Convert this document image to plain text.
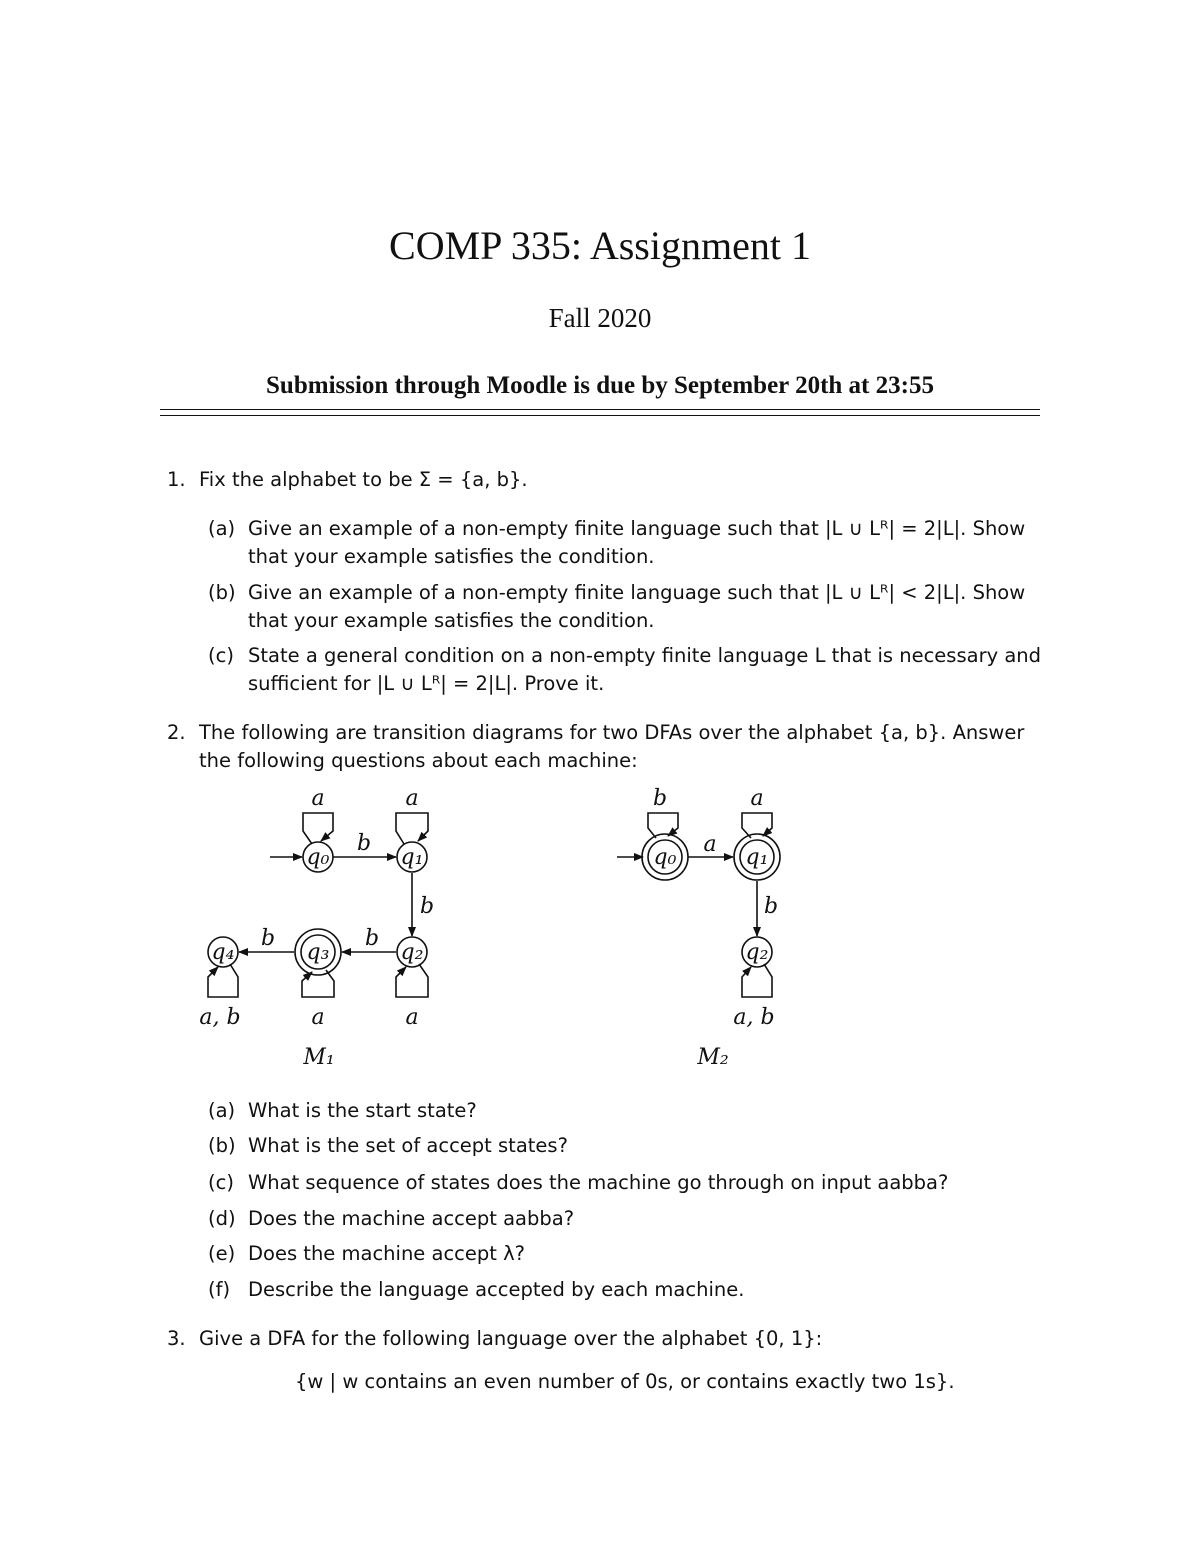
COMP 335: Assignment 1
Fall 2020
Submission through Moodle is due by September 20th at 23:55
1. Fix the alphabet to be Σ = {a, b}.
(a) Give an example of a non-empty finite language such that |L ∪ Lᴿ| = 2|L|. Show
that your example satisfies the condition.
(b) Give an example of a non-empty finite language such that |L ∪ Lᴿ| < 2|L|. Show
that your example satisfies the condition.
(c) State a general condition on a non-empty finite language L that is necessary and
sufficient for |L ∪ Lᴿ| = 2|L|. Prove it.
2. The following are transition diagrams for two DFAs over the alphabet {a, b}. Answer
the following questions about each machine:
q₀	q₁
q₂
q₃
q₄
a
b
a
b
a
b
a
b
a, b
M₁
q₀	q₁
q₂
b
a
a
b
a, b
M₂
(a) What is the start state?
(b) What is the set of accept states?
(c) What sequence of states does the machine go through on input aabba?
(d) Does the machine accept aabba?
(e) Does the machine accept λ?
(f) Describe the language accepted by each machine.
3. Give a DFA for the following language over the alphabet {0, 1}:
{w | w contains an even number of 0s, or contains exactly two 1s}.
